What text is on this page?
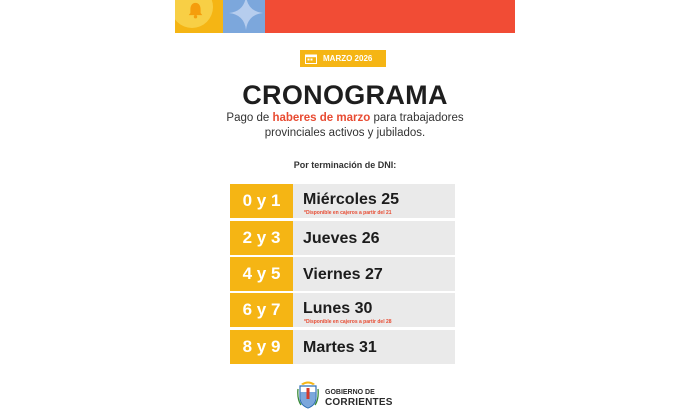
MARZO 2026
CRONOGRAMA
Pago de haberes de marzo para trabajadores
provinciales activos y jubilados.
Por terminación de DNI:
0 y 1	Miércoles 25
*Disponible en cajeros a partir del 21
2 y 3	Jueves 26
4 y 5	Viernes 27
6 y 7	Lunes 30
*Disponible en cajeros a partir del 28
8 y 9	Martes 31
GOBIERNO DE
CORRIENTES
